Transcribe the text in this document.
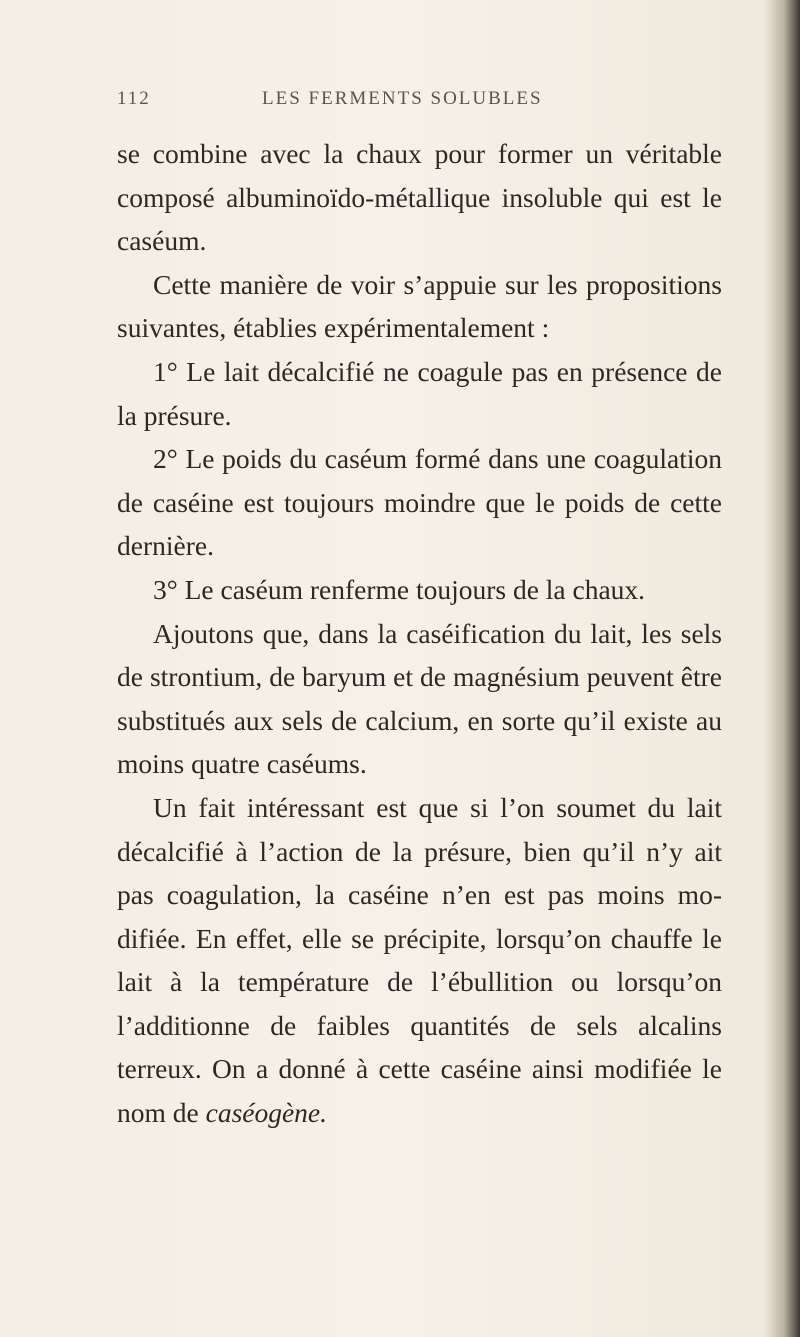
112	LES FERMENTS SOLUBLES

se combine avec la chaux pour former un véritable composé albuminoïdo-métallique insoluble qui est le caséum.

Cette manière de voir s’appuie sur les propositions suivantes, établies expérimentalement :

1° Le lait décalcifié ne coagule pas en présence de la présure.

2° Le poids du caséum formé dans une coagulation de caséine est toujours moindre que le poids de cette dernière.

3° Le caséum renferme toujours de la chaux.

Ajoutons que, dans la caséification du lait, les sels de strontium, de baryum et de magnésium peuvent être substitués aux sels de calcium, en sorte qu’il existe au moins quatre caséums.

Un fait intéressant est que si l’on soumet du lait décalcifié à l’action de la présure, bien qu’il n’y ait pas coagulation, la caséine n’en est pas moins modifiée. En effet, elle se précipite, lorsqu’on chauffe le lait à la température de l’ébullition ou lorsqu’on l’additionne de faibles quantités de sels alcalins terreux. On a donné à cette caséine ainsi modifiée le nom de caséogène.
